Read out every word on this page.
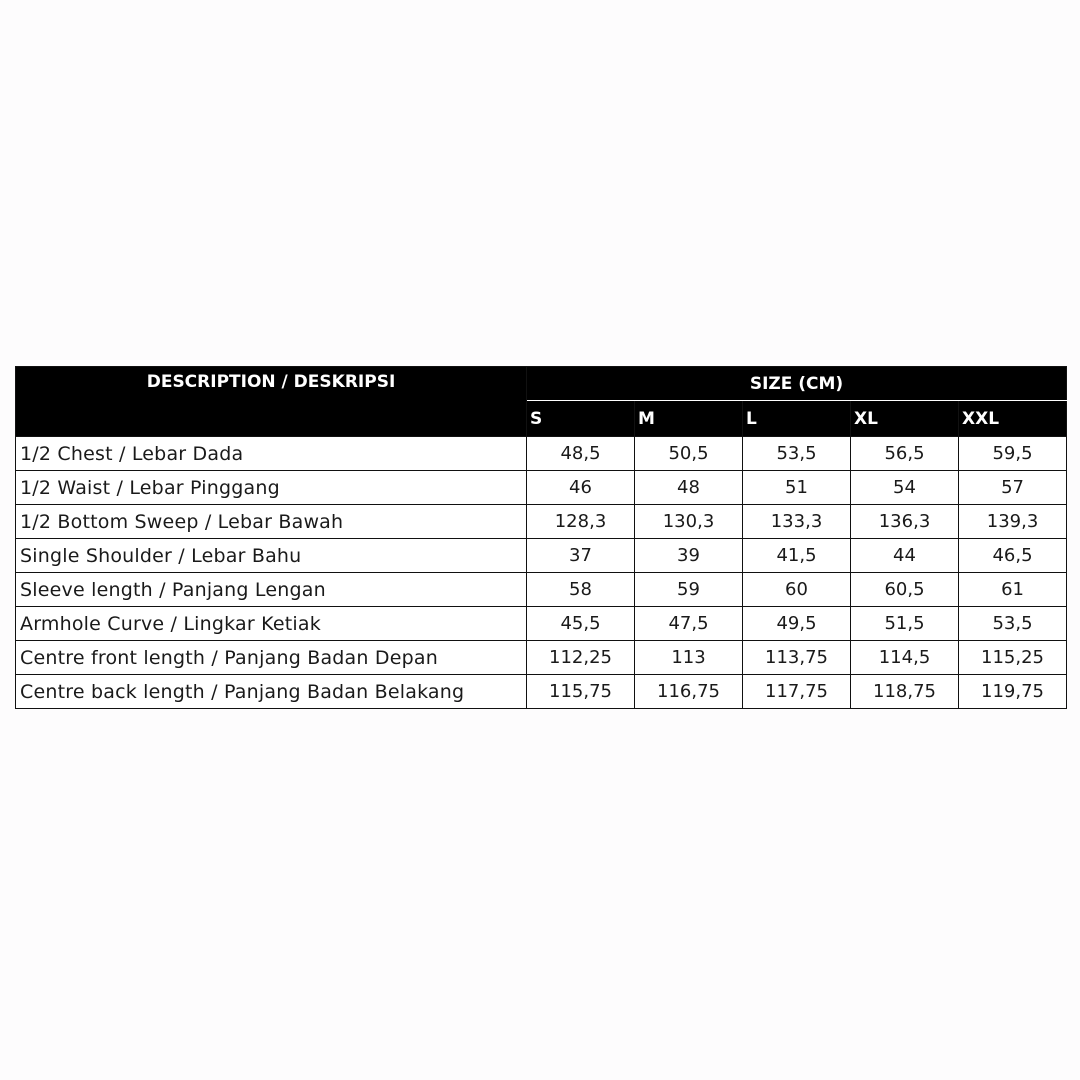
DESCRIPTION / DESKRIPSI	SIZE (CM)				
	S	M	L	XL	XXL
1/2 Chest / Lebar Dada	48,5	50,5	53,5	56,5	59,5
1/2 Waist / Lebar Pinggang	46	48	51	54	57
1/2 Bottom Sweep / Lebar Bawah	128,3	130,3	133,3	136,3	139,3
Single Shoulder / Lebar Bahu	37	39	41,5	44	46,5
Sleeve length / Panjang Lengan	58	59	60	60,5	61
Armhole Curve / Lingkar Ketiak	45,5	47,5	49,5	51,5	53,5
Centre front length / Panjang Badan Depan	112,25	113	113,75	114,5	115,25
Centre back length / Panjang Badan Belakang	115,75	116,75	117,75	118,75	119,75
